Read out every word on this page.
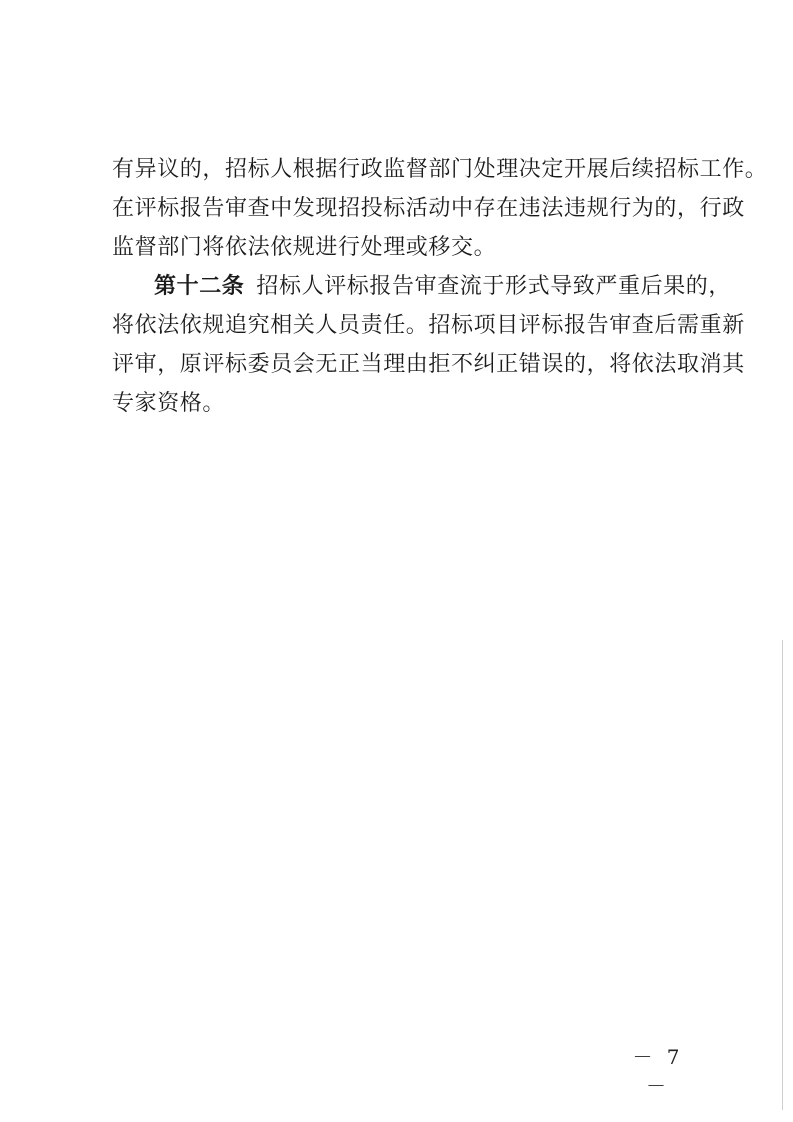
有异议的，招标人根据行政监督部门处理决定开展后续招标工作。
在评标报告审查中发现招投标活动中存在违法违规行为的，行政
监督部门将依法依规进行处理或移交。
第十二条 招标人评标报告审查流于形式导致严重后果的，
将依法依规追究相关人员责任。招标项目评标报告审查后需重新
评审，原评标委员会无正当理由拒不纠正错误的，将依法取消其
专家资格。
－ 7 －
